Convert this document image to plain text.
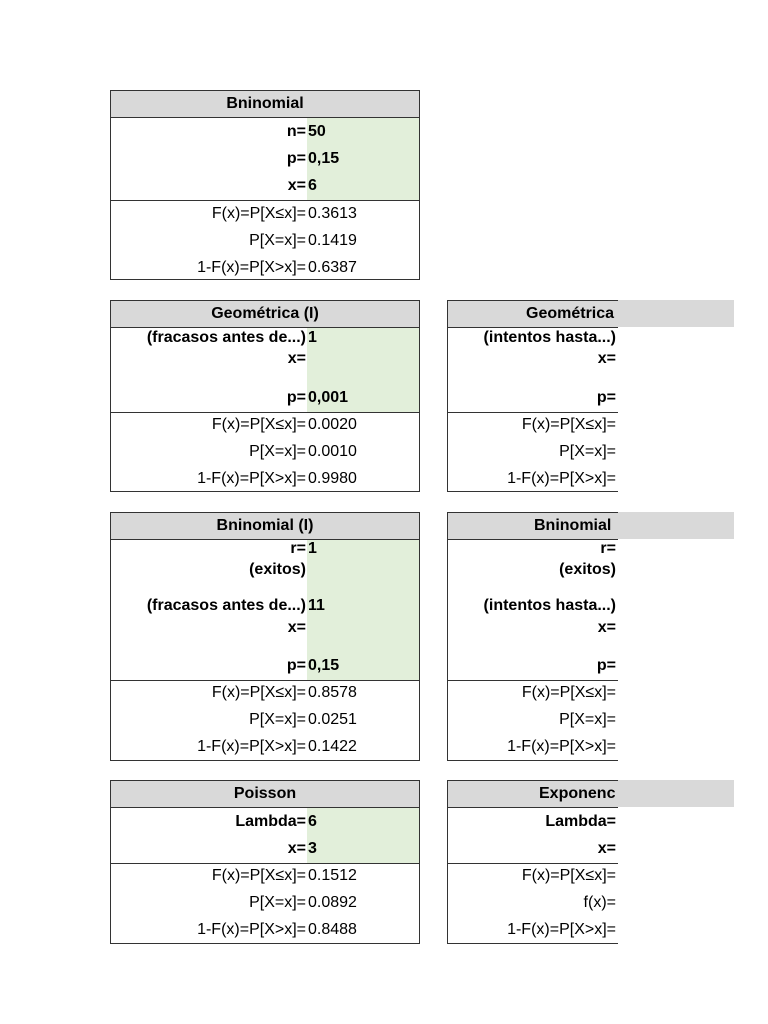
Bninomial
n= 50
p= 0,15
x= 6
F(x)=P[X≤x]= 0.3613
P[X=x]= 0.1419
1-F(x)=P[X>x]= 0.6387
Geométrica (I)
(fracasos antes de...) 1
x=
p= 0,001
F(x)=P[X≤x]= 0.0020
P[X=x]= 0.0010
1-F(x)=P[X>x]= 0.9980
Geométrica
(intentos hasta...)
x=
p=
F(x)=P[X≤x]=
P[X=x]=
1-F(x)=P[X>x]=
Bninomial (I)
r= 1
(exitos)
(fracasos antes de...) 11
x=
p= 0,15
F(x)=P[X≤x]= 0.8578
P[X=x]= 0.0251
1-F(x)=P[X>x]= 0.1422
Bninomial
r=
(exitos)
(intentos hasta...)
x=
p=
F(x)=P[X≤x]=
P[X=x]=
1-F(x)=P[X>x]=
Poisson
Lambda= 6
x= 3
F(x)=P[X≤x]= 0.1512
P[X=x]= 0.0892
1-F(x)=P[X>x]= 0.8488
Exponenc
Lambda=
x=
F(x)=P[X≤x]=
f(x)=
1-F(x)=P[X>x]=
